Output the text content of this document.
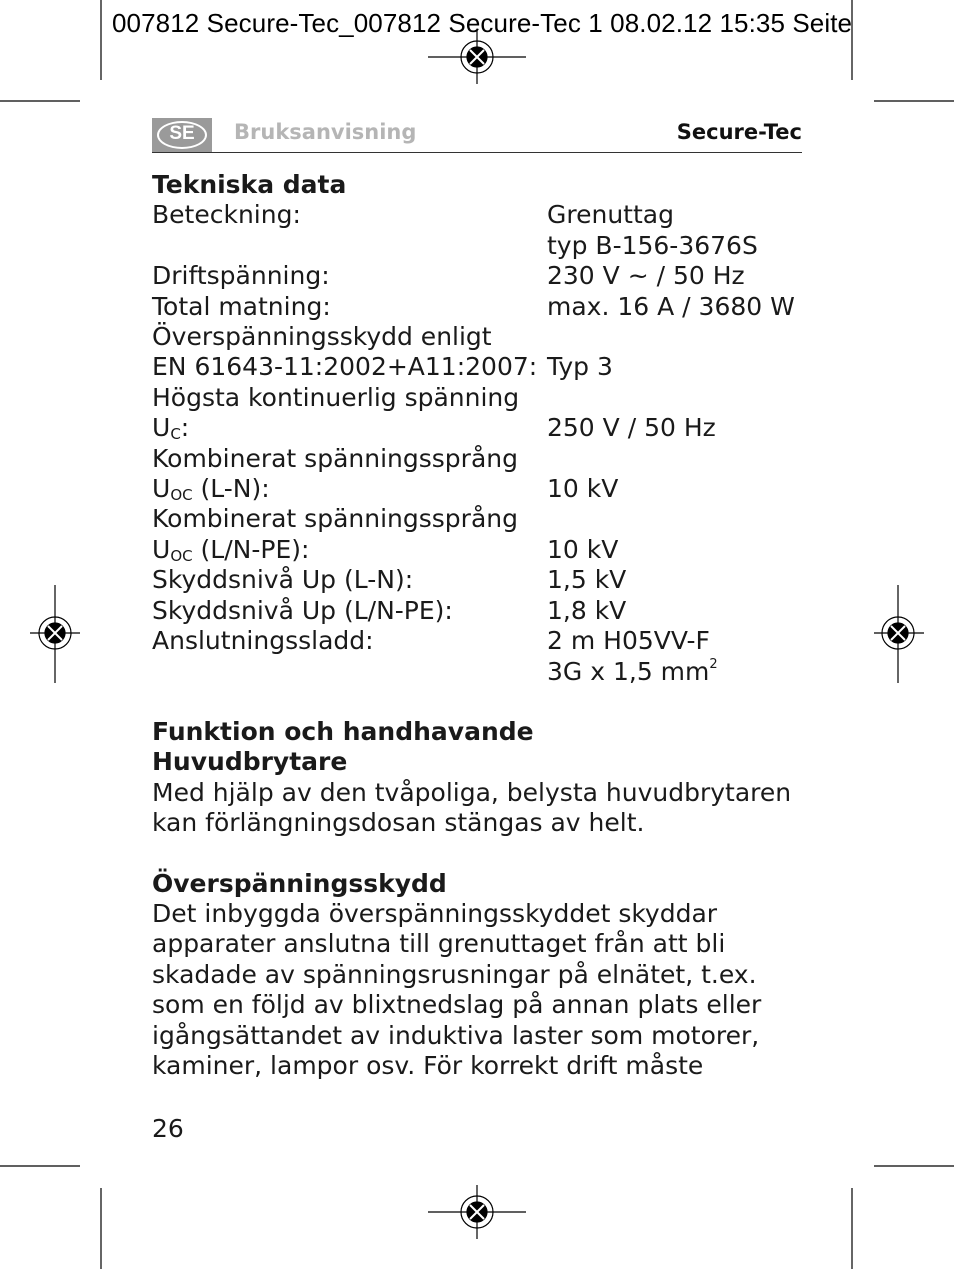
007812 Secure-Tec_007812 Secure-Tec 1 08.02.12 15:35 Seite
SE	Bruksanvisning	Secure-Tec
Tekniska data
Beteckning:	Grenuttag
	typ B-156-3676S
Driftspänning:	230 V ~ / 50 Hz
Total matning:	max. 16 A / 3680 W
Överspänningsskydd enligt	
EN 61643-11:2002+A11:2007:	Typ 3
Högsta kontinuerlig spänning	
$U_C$:	250 V / 50 Hz
Kombinerat spänningssprång	
$U_{OC}$ (L-N):	10 kV
Kombinerat spänningssprång	
$U_{OC}$ (L/N-PE):	10 kV
Skyddsnivå Up (L-N):	1,5 kV
Skyddsnivå Up (L/N-PE):	1,8 kV
Anslutningssladd:	2 m H05VV-F
	3G x 1,5 $mm^2$
Funktion och handhavande
Huvudbrytare

Med hjälp av den tvåpoliga, belysta huvudbrytaren kan förlängningsdosan stängas av helt.

Överspänningsskydd

Det inbyggda överspänningsskyddet skyddar apparater anslutna till grenuttaget från att bli skadade av spänningsrusningar på elnätet, t.ex. som en följd av blixtnedslag på annan plats eller igångsättandet av induktiva laster som motorer, kaminer, lampor osv. För korrekt drift måste

26
